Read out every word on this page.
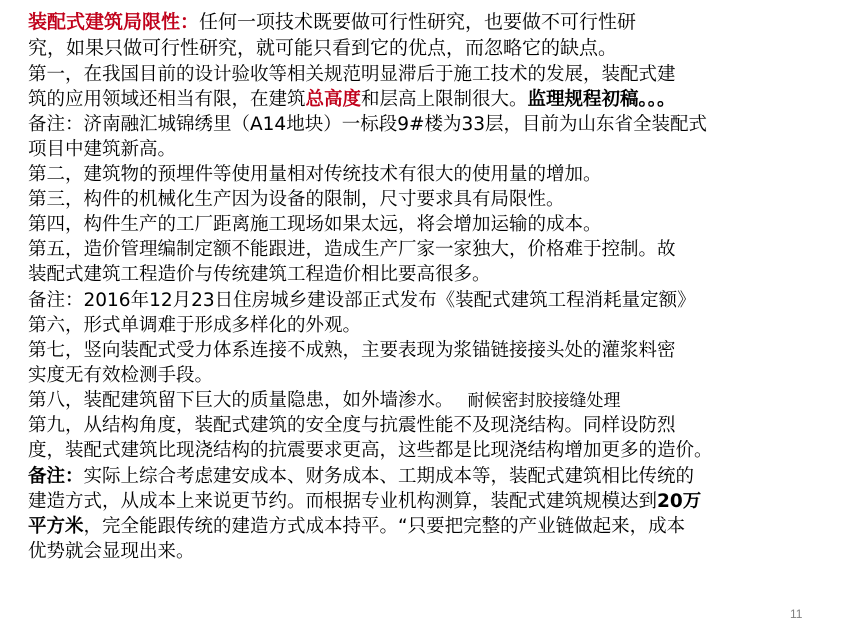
装配式建筑局限性：任何一项技术既要做可行性研究，也要做不可行性研
究，如果只做可行性研究，就可能只看到它的优点，而忽略它的缺点。
第一，在我国目前的设计验收等相关规范明显滞后于施工技术的发展，装配式建
筑的应用领域还相当有限，在建筑总高度和层高上限制很大。监理规程初稿。。。
备注：济南融汇城锦绣里（A14地块）一标段9#楼为33层，目前为山东省全装配式
项目中建筑新高。
第二，建筑物的预埋件等使用量相对传统技术有很大的使用量的增加。
第三，构件的机械化生产因为设备的限制，尺寸要求具有局限性。
第四，构件生产的工厂距离施工现场如果太远，将会增加运输的成本。
第五，造价管理编制定额不能跟进，造成生产厂家一家独大，价格难于控制。故
装配式建筑工程造价与传统建筑工程造价相比要高很多。
备注：2016年12月23日住房城乡建设部正式发布《装配式建筑工程消耗量定额》
第六，形式单调难于形成多样化的外观。
第七，竖向装配式受力体系连接不成熟，主要表现为浆锚链接接头处的灌浆料密
实度无有效检测手段。
第八，装配建筑留下巨大的质量隐患，如外墙渗水。 耐候密封胶接缝处理
第九，从结构角度，装配式建筑的安全度与抗震性能不及现浇结构。同样设防烈
度，装配式建筑比现浇结构的抗震要求更高，这些都是比现浇结构增加更多的造价。
备注：实际上综合考虑建安成本、财务成本、工期成本等，装配式建筑相比传统的
建造方式，从成本上来说更节约。而根据专业机构测算，装配式建筑规模达到20万
平方米，完全能跟传统的建造方式成本持平。“只要把完整的产业链做起来，成本
优势就会显现出来。
11
